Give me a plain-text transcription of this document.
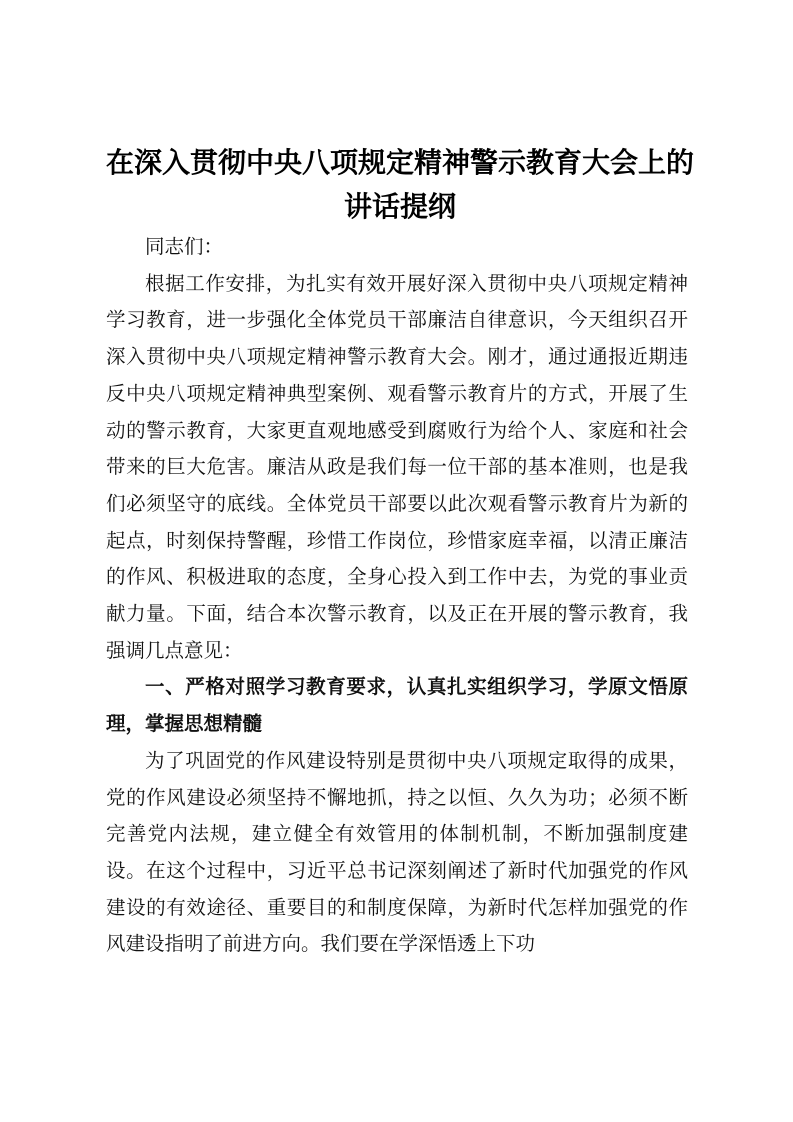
在深入贯彻中央八项规定精神警示教育大会上的讲话提纲

同志们：

根据工作安排，为扎实有效开展好深入贯彻中央八项规定精神学习教育，进一步强化全体党员干部廉洁自律意识，今天组织召开深入贯彻中央八项规定精神警示教育大会。刚才，通过通报近期违反中央八项规定精神典型案例、观看警示教育片的方式，开展了生动的警示教育，大家更直观地感受到腐败行为给个人、家庭和社会带来的巨大危害。廉洁从政是我们每一位干部的基本准则，也是我们必须坚守的底线。全体党员干部要以此次观看警示教育片为新的起点，时刻保持警醒，珍惜工作岗位，珍惜家庭幸福，以清正廉洁的作风、积极进取的态度，全身心投入到工作中去，为党的事业贡献力量。下面，结合本次警示教育，以及正在开展的警示教育，我强调几点意见：

一、严格对照学习教育要求，认真扎实组织学习，学原文悟原理，掌握思想精髓

为了巩固党的作风建设特别是贯彻中央八项规定取得的成果，党的作风建设必须坚持不懈地抓，持之以恒、久久为功；必须不断完善党内法规，建立健全有效管用的体制机制，不断加强制度建设。在这个过程中，习近平总书记深刻阐述了新时代加强党的作风建设的有效途径、重要目的和制度保障，为新时代怎样加强党的作风建设指明了前进方向。我们要在学深悟透上下功
